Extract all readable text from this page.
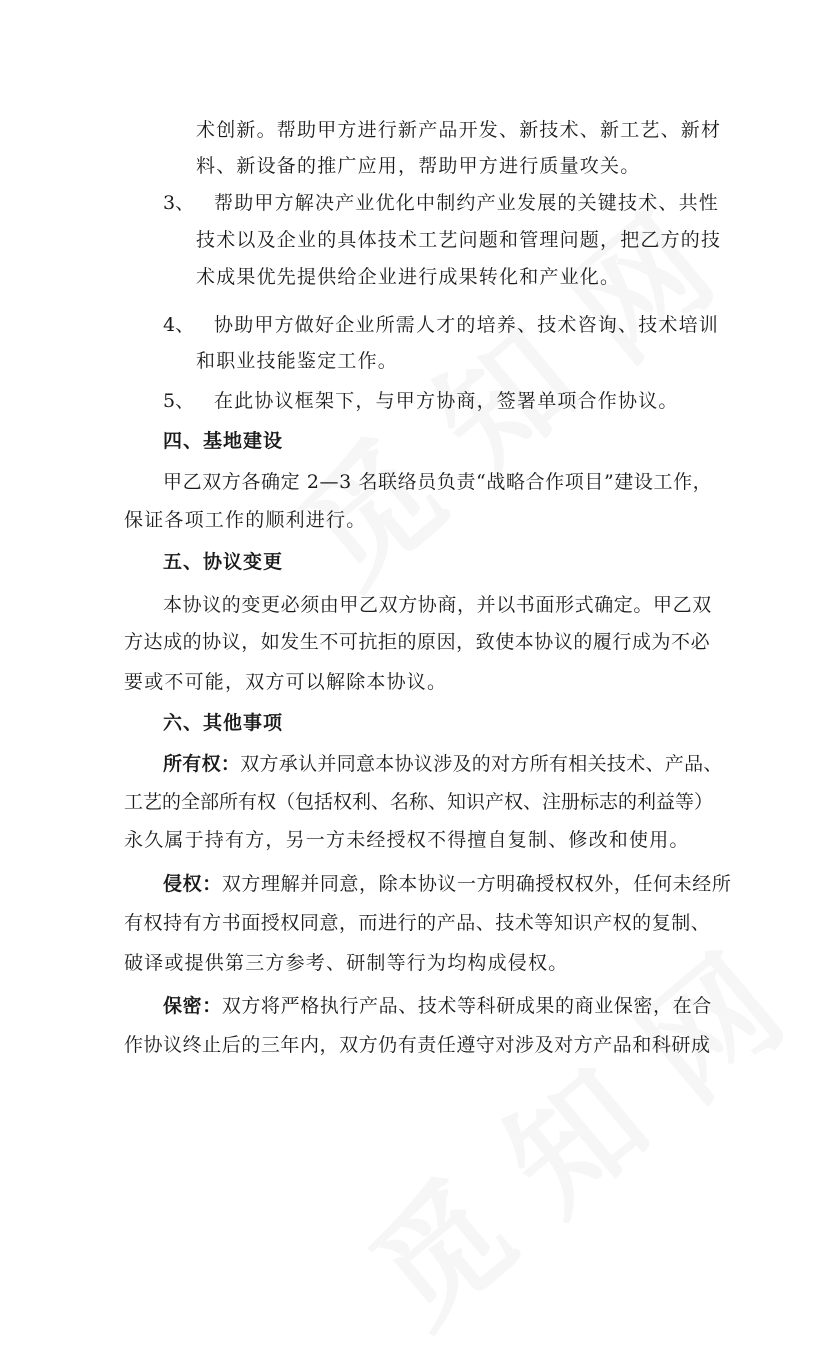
术创新。帮助甲方进行新产品开发、新技术、新工艺、新材

料、新设备的推广应用，帮助甲方进行质量攻关。

3、 帮助甲方解决产业优化中制约产业发展的关键技术、共性

技术以及企业的具体技术工艺问题和管理问题，把乙方的技

术成果优先提供给企业进行成果转化和产业化。

4、 协助甲方做好企业所需人才的培养、技术咨询、技术培训

和职业技能鉴定工作。

5、 在此协议框架下，与甲方协商，签署单项合作协议。

四、基地建设

甲乙双方各确定 2—3 名联络员负责“战略合作项目”建设工作，

保证各项工作的顺利进行。

五、协议变更

本协议的变更必须由甲乙双方协商，并以书面形式确定。甲乙双

方达成的协议，如发生不可抗拒的原因，致使本协议的履行成为不必

要或不可能，双方可以解除本协议。

六、其他事项

所有权：双方承认并同意本协议涉及的对方所有相关技术、产品、

工艺的全部所有权（包括权利、名称、知识产权、注册标志的利益等）

永久属于持有方，另一方未经授权不得擅自复制、修改和使用。

侵权：双方理解并同意，除本协议一方明确授权权外，任何未经所

有权持有方书面授权同意，而进行的产品、技术等知识产权的复制、

破译或提供第三方参考、研制等行为均构成侵权。

保密：双方将严格执行产品、技术等科研成果的商业保密，在合

作协议终止后的三年内，双方仍有责任遵守对涉及对方产品和科研成
